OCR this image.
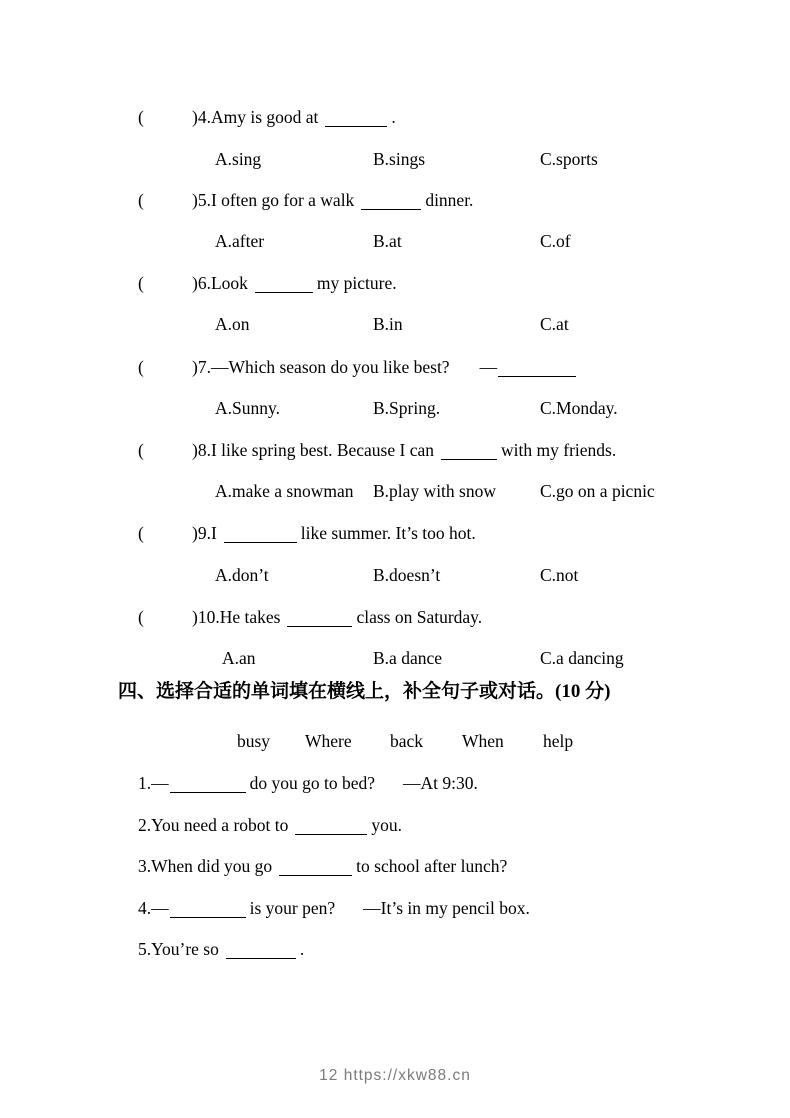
(	)4.Amy is good at	.
A.sing	B.sings	C.sports
(	)5.I often go for a walk	dinner.
A.after	B.at	C.of
(	)6.Look	my picture.
A.on	B.in	C.at
(	)7.—Which season do you like best? —
A.Sunny.	B.Spring.	C.Monday.
(	)8.I like spring best. Because I can	with my friends.
A.make a snowman B.play with snow	C.go on a picnic
(	)9.I	like summer. It’s too hot.
A.don’t	B.doesn’t	C.not
(	)10.He takes	class on Saturday.
A.an	B.a dance	C.a dancing
四、选择合适的单词填在横线上，补全句子或对话。(10 分)
busy Where back When help
1.—	do you go to bed? —At 9:30.
2.You need a robot to	you.
3.When did you go	to school after lunch?
4.—	is your pen? —It’s in my pencil box.
5.You’re so	.
12 https://xkw88.cn
